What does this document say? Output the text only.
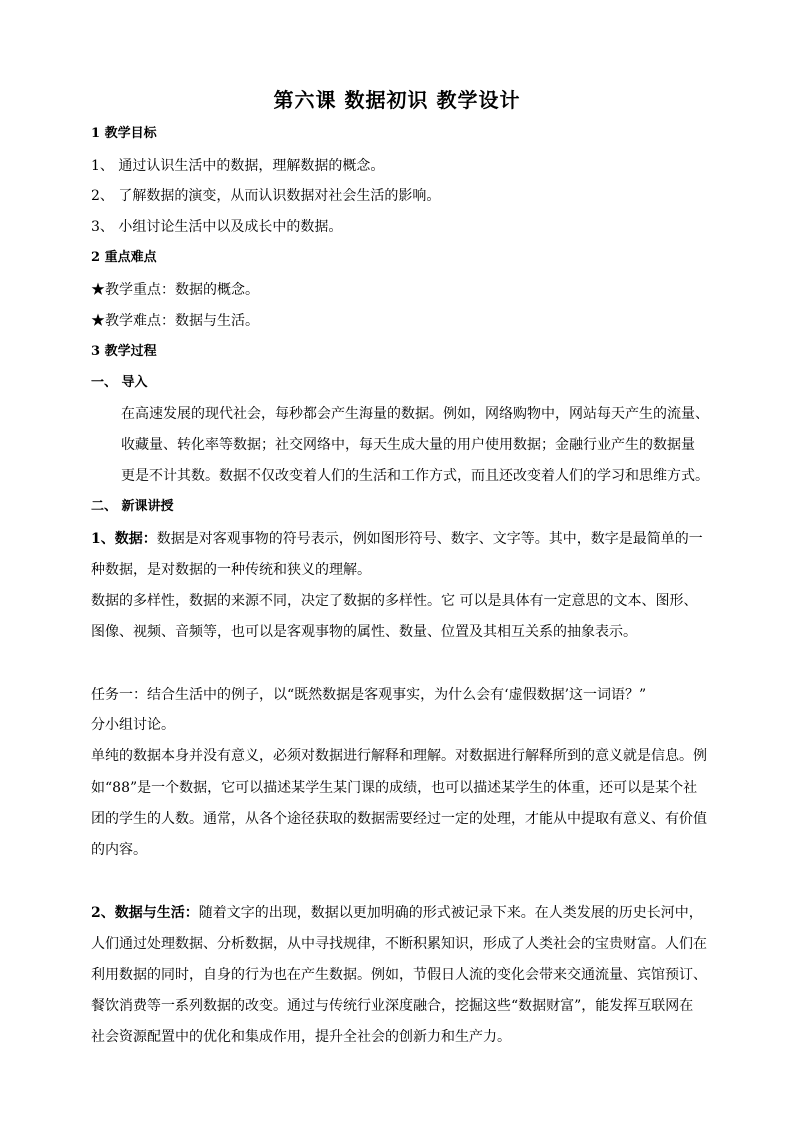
第六课 数据初识 教学设计
1 教学目标
1、 通过认识生活中的数据，理解数据的概念。
2、 了解数据的演变，从而认识数据对社会生活的影响。
3、 小组讨论生活中以及成长中的数据。
2 重点难点
★教学重点：数据的概念。
★教学难点：数据与生活。
3 教学过程
一、 导入
在高速发展的现代社会，每秒都会产生海量的数据。例如，网络购物中，网站每天产生的流量、
收藏量、转化率等数据；社交网络中，每天生成大量的用户使用数据；金融行业产生的数据量
更是不计其数。数据不仅改变着人们的生活和工作方式，而且还改变着人们的学习和思维方式。
二、 新课讲授
1、数据：数据是对客观事物的符号表示，例如图形符号、数字、文字等。其中，数字是最简单的一
种数据，是对数据的一种传统和狭义的理解。
数据的多样性，数据的来源不同，决定了数据的多样性。它 可以是具体有一定意思的文本、图形、
图像、视频、音频等，也可以是客观事物的属性、数量、位置及其相互关系的抽象表示。
任务一：结合生活中的例子，以“既然数据是客观事实，为什么会有‘虚假数据’这一词语？”
分小组讨论。
单纯的数据本身并没有意义，必须对数据进行解释和理解。对数据进行解释所到的意义就是信息。例
如“88”是一个数据，它可以描述某学生某门课的成绩，也可以描述某学生的体重，还可以是某个社
团的学生的人数。通常，从各个途径获取的数据需要经过一定的处理，才能从中提取有意义、有价值
的内容。
2、数据与生活：随着文字的出现，数据以更加明确的形式被记录下来。在人类发展的历史长河中，
人们通过处理数据、分析数据，从中寻找规律，不断积累知识，形成了人类社会的宝贵财富。人们在
利用数据的同时，自身的行为也在产生数据。例如，节假日人流的变化会带来交通流量、宾馆预订、
餐饮消费等一系列数据的改变。通过与传统行业深度融合，挖掘这些“数据财富”，能发挥互联网在
社会资源配置中的优化和集成作用，提升全社会的创新力和生产力。
